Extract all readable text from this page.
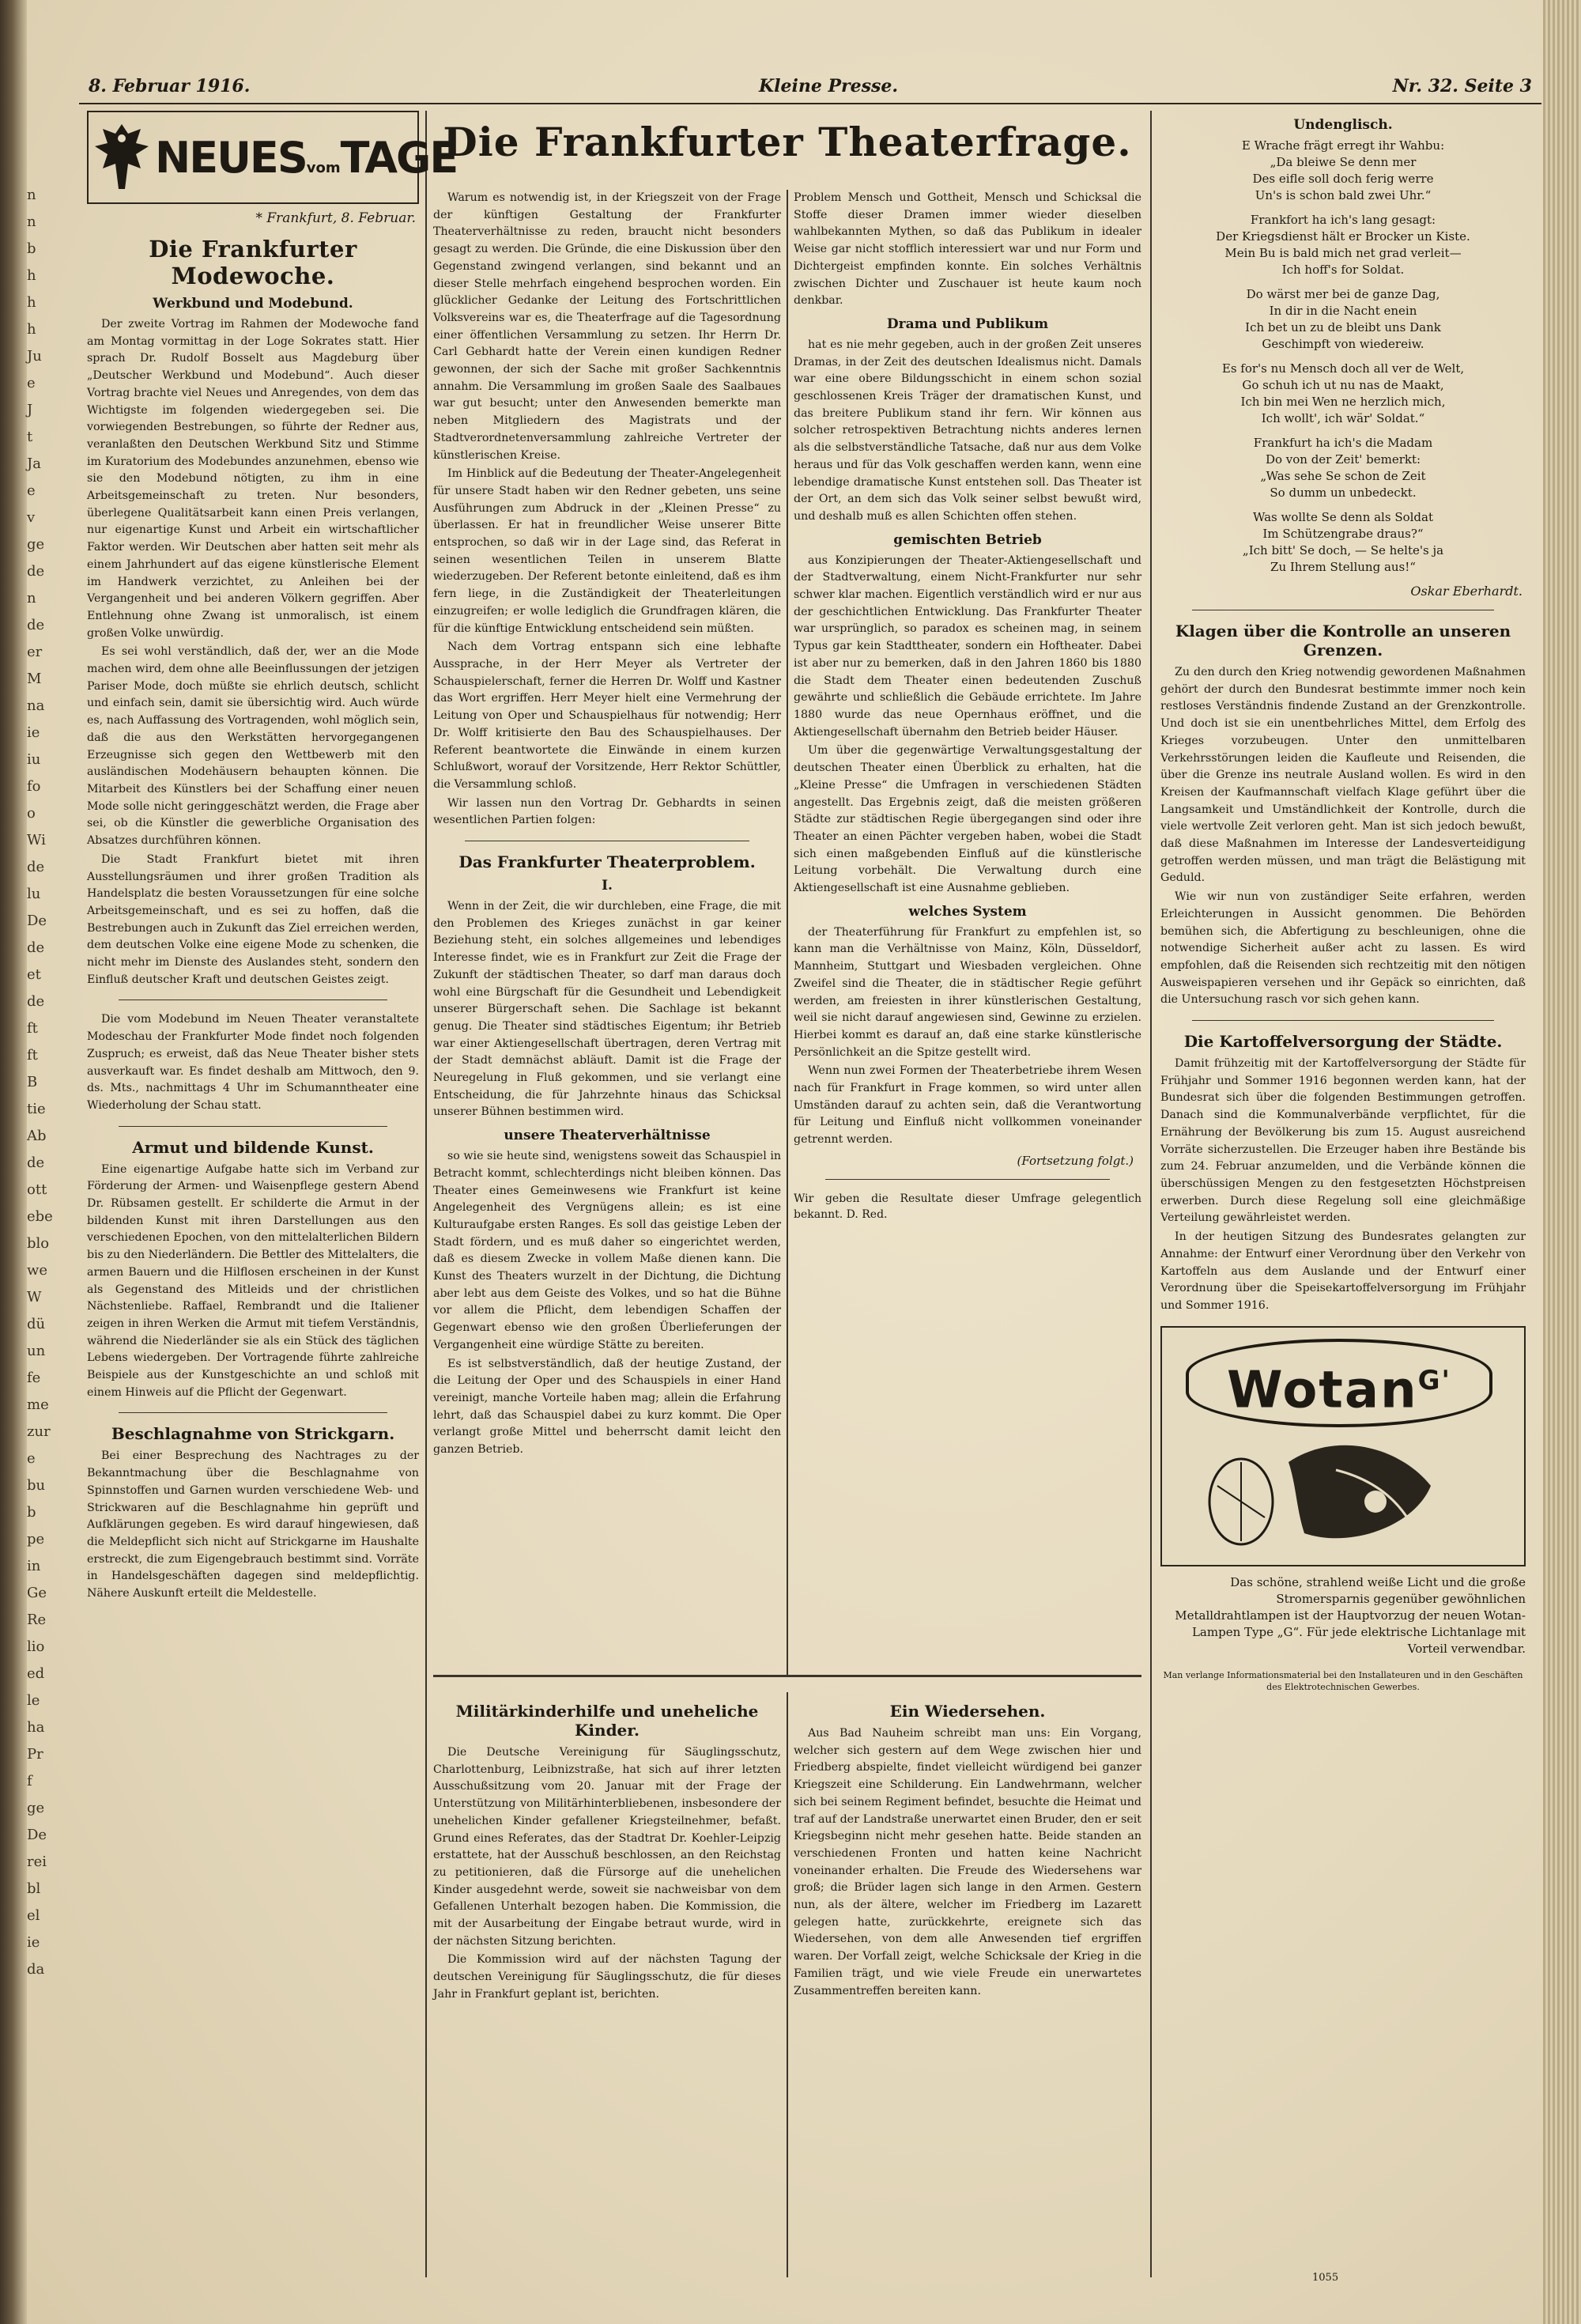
n
n
b
h
h
h
Ju
e
J
t
Ja
e
v
ge
de
n
de
er
M
na
ie
iu
fo
o
Wi
de
lu
De
de
et
de
ft
ft
B
tie
Ab
de
ott
ebe
blo
we
W
dü
un
fe
me
zur
e
bu
b
pe
in
Ge
Re
lio
ed
le
ha
Pr
f
ge
De
rei
bl
el
ie
da
8. Februar 1916.	Kleine Presse.	Nr. 32. Seite 3
NEUESvomTAGE
* Frankfurt, 8. Februar.
Die Frankfurter Modewoche.
Werkbund und Modebund.

Der zweite Vortrag im Rahmen der Modewoche fand am Montag vormittag in der Loge Sokrates statt. Hier sprach Dr. Rudolf Bosselt aus Magdeburg über „Deutscher Werkbund und Modebund“. Auch dieser Vortrag brachte viel Neues und Anregendes, von dem das Wichtigste im folgenden wiedergegeben sei. Die vorwiegenden Bestrebungen, so führte der Redner aus, veranlaßten den Deutschen Werkbund Sitz und Stimme im Kuratorium des Modebundes anzunehmen, ebenso wie sie den Modebund nötigten, zu ihm in eine Arbeitsgemeinschaft zu treten. Nur besonders, überlegene Qualitätsarbeit kann einen Preis verlangen, nur eigenartige Kunst und Arbeit ein wirtschaftlicher Faktor werden. Wir Deutschen aber hatten seit mehr als einem Jahrhundert auf das eigene künstlerische Element im Handwerk verzichtet, zu Anleihen bei der Vergangenheit und bei anderen Völkern gegriffen. Aber Entlehnung ohne Zwang ist unmoralisch, ist einem großen Volke unwürdig.

Es sei wohl verständlich, daß der, wer an die Mode machen wird, dem ohne alle Beeinflussungen der jetzigen Pariser Mode, doch müßte sie ehrlich deutsch, schlicht und einfach sein, damit sie übersichtig wird. Auch würde es, nach Auffassung des Vortragenden, wohl möglich sein, daß die aus den Werkstätten hervorgegangenen Erzeugnisse sich gegen den Wettbewerb mit den ausländischen Modehäusern behaupten können. Die Mitarbeit des Künstlers bei der Schaffung einer neuen Mode solle nicht geringgeschätzt werden, die Frage aber sei, ob die Künstler die gewerbliche Organisation des Absatzes durchführen können.

Die Stadt Frankfurt bietet mit ihren Ausstellungsräumen und ihrer großen Tradition als Handelsplatz die besten Voraussetzungen für eine solche Arbeitsgemeinschaft, und es sei zu hoffen, daß die Bestrebungen auch in Zukunft das Ziel erreichen werden, dem deutschen Volke eine eigene Mode zu schenken, die nicht mehr im Dienste des Auslandes steht, sondern den Einfluß deutscher Kraft und deutschen Geistes zeigt.

Die vom Modebund im Neuen Theater veranstaltete Modeschau der Frankfurter Mode findet noch folgenden Zuspruch; es erweist, daß das Neue Theater bisher stets ausverkauft war. Es findet deshalb am Mittwoch, den 9. ds. Mts., nachmittags 4 Uhr im Schumanntheater eine Wiederholung der Schau statt.

Armut und bildende Kunst.

Eine eigenartige Aufgabe hatte sich im Verband zur Förderung der Armen- und Waisenpflege gestern Abend Dr. Rübsamen gestellt. Er schilderte die Armut in der bildenden Kunst mit ihren Darstellungen aus den verschiedenen Epochen, von den mittelalterlichen Bildern bis zu den Niederländern. Die Bettler des Mittelalters, die armen Bauern und die Hilflosen erscheinen in der Kunst als Gegenstand des Mitleids und der christlichen Nächstenliebe. Raffael, Rembrandt und die Italiener zeigen in ihren Werken die Armut mit tiefem Verständnis, während die Niederländer sie als ein Stück des täglichen Lebens wiedergeben. Der Vortragende führte zahlreiche Beispiele aus der Kunstgeschichte an und schloß mit einem Hinweis auf die Pflicht der Gegenwart.

Beschlagnahme von Strickgarn.

Bei einer Besprechung des Nachtrages zu der Bekanntmachung über die Beschlagnahme von Spinnstoffen und Garnen wurden verschiedene Web- und Strickwaren auf die Beschlagnahme hin geprüft und Aufklärungen gegeben. Es wird darauf hingewiesen, daß die Meldepflicht sich nicht auf Strickgarne im Haushalte erstreckt, die zum Eigengebrauch bestimmt sind. Vorräte in Handelsgeschäften dagegen sind meldepflichtig. Nähere Auskunft erteilt die Meldestelle.

Die Frankfurter Theaterfrage.

Warum es notwendig ist, in der Kriegszeit von der Frage der künftigen Gestaltung der Frankfurter Theaterverhältnisse zu reden, braucht nicht besonders gesagt zu werden. Die Gründe, die eine Diskussion über den Gegenstand zwingend verlangen, sind bekannt und an dieser Stelle mehrfach eingehend besprochen worden. Ein glücklicher Gedanke der Leitung des Fortschrittlichen Volksvereins war es, die Theaterfrage auf die Tagesordnung einer öffentlichen Versammlung zu setzen. Ihr Herrn Dr. Carl Gebhardt hatte der Verein einen kundigen Redner gewonnen, der sich der Sache mit großer Sachkenntnis annahm. Die Versammlung im großen Saale des Saalbaues war gut besucht; unter den Anwesenden bemerkte man neben Mitgliedern des Magistrats und der Stadtverordnetenversammlung zahlreiche Vertreter der künstlerischen Kreise.

Im Hinblick auf die Bedeutung der Theater-Angelegenheit für unsere Stadt haben wir den Redner gebeten, uns seine Ausführungen zum Abdruck in der „Kleinen Presse“ zu überlassen. Er hat in freundlicher Weise unserer Bitte entsprochen, so daß wir in der Lage sind, das Referat in seinen wesentlichen Teilen in unserem Blatte wiederzugeben. Der Referent betonte einleitend, daß es ihm fern liege, in die Zuständigkeit der Theaterleitungen einzugreifen; er wolle lediglich die Grundfragen klären, die für die künftige Entwicklung entscheidend sein müßten.

Nach dem Vortrag entspann sich eine lebhafte Aussprache, in der Herr Meyer als Vertreter der Schauspielerschaft, ferner die Herren Dr. Wolff und Kastner das Wort ergriffen. Herr Meyer hielt eine Vermehrung der Leitung von Oper und Schauspielhaus für notwendig; Herr Dr. Wolff kritisierte den Bau des Schauspielhauses. Der Referent beantwortete die Einwände in einem kurzen Schlußwort, worauf der Vorsitzende, Herr Rektor Schüttler, die Versammlung schloß.

Wir lassen nun den Vortrag Dr. Gebhardts in seinen wesentlichen Partien folgen:

Das Frankfurter Theaterproblem.
I.

Wenn in der Zeit, die wir durchleben, eine Frage, die mit den Problemen des Krieges zunächst in gar keiner Beziehung steht, ein solches allgemeines und lebendiges Interesse findet, wie es in Frankfurt zur Zeit die Frage der Zukunft der städtischen Theater, so darf man daraus doch wohl eine Bürgschaft für die Gesundheit und Lebendigkeit unserer Bürgerschaft sehen. Die Sachlage ist bekannt genug. Die Theater sind städtisches Eigentum; ihr Betrieb war einer Aktiengesellschaft übertragen, deren Vertrag mit der Stadt demnächst abläuft. Damit ist die Frage der Neuregelung in Fluß gekommen, und sie verlangt eine Entscheidung, die für Jahrzehnte hinaus das Schicksal unserer Bühnen bestimmen wird.

unsere Theaterverhältnisse

so wie sie heute sind, wenigstens soweit das Schauspiel in Betracht kommt, schlechterdings nicht bleiben können. Das Theater eines Gemeinwesens wie Frankfurt ist keine Angelegenheit des Vergnügens allein; es ist eine Kulturaufgabe ersten Ranges. Es soll das geistige Leben der Stadt fördern, und es muß daher so eingerichtet werden, daß es diesem Zwecke in vollem Maße dienen kann. Die Kunst des Theaters wurzelt in der Dichtung, die Dichtung aber lebt aus dem Geiste des Volkes, und so hat die Bühne vor allem die Pflicht, dem lebendigen Schaffen der Gegenwart ebenso wie den großen Überlieferungen der Vergangenheit eine würdige Stätte zu bereiten.

Es ist selbstverständlich, daß der heutige Zustand, der die Leitung der Oper und des Schauspiels in einer Hand vereinigt, manche Vorteile haben mag; allein die Erfahrung lehrt, daß das Schauspiel dabei zu kurz kommt. Die Oper verlangt große Mittel und beherrscht damit leicht den ganzen Betrieb.

Problem Mensch und Gottheit, Mensch und Schicksal die Stoffe dieser Dramen immer wieder dieselben wahlbekannten Mythen, so daß das Publikum in idealer Weise gar nicht stofflich interessiert war und nur Form und Dichtergeist empfinden konnte. Ein solches Verhältnis zwischen Dichter und Zuschauer ist heute kaum noch denkbar.

Drama und Publikum

hat es nie mehr gegeben, auch in der großen Zeit unseres Dramas, in der Zeit des deutschen Idealismus nicht. Damals war eine obere Bildungsschicht in einem schon sozial geschlossenen Kreis Träger der dramatischen Kunst, und das breitere Publikum stand ihr fern. Wir können aus solcher retrospektiven Betrachtung nichts anderes lernen als die selbstverständliche Tatsache, daß nur aus dem Volke heraus und für das Volk geschaffen werden kann, wenn eine lebendige dramatische Kunst entstehen soll. Das Theater ist der Ort, an dem sich das Volk seiner selbst bewußt wird, und deshalb muß es allen Schichten offen stehen.

gemischten Betrieb

aus Konzipierungen der Theater-Aktiengesellschaft und der Stadtverwaltung, einem Nicht-Frankfurter nur sehr schwer klar machen. Eigentlich verständlich wird er nur aus der geschichtlichen Entwicklung. Das Frankfurter Theater war ursprünglich, so paradox es scheinen mag, in seinem Typus gar kein Stadttheater, sondern ein Hoftheater. Dabei ist aber nur zu bemerken, daß in den Jahren 1860 bis 1880 die Stadt dem Theater einen bedeutenden Zuschuß gewährte und schließlich die Gebäude errichtete. Im Jahre 1880 wurde das neue Opernhaus eröffnet, und die Aktiengesellschaft übernahm den Betrieb beider Häuser.

Um über die gegenwärtige Verwaltungsgestaltung der deutschen Theater einen Überblick zu erhalten, hat die „Kleine Presse“ die Umfragen in verschiedenen Städten angestellt. Das Ergebnis zeigt, daß die meisten größeren Städte zur städtischen Regie übergegangen sind oder ihre Theater an einen Pächter vergeben haben, wobei die Stadt sich einen maßgebenden Einfluß auf die künstlerische Leitung vorbehält. Die Verwaltung durch eine Aktiengesellschaft ist eine Ausnahme geblieben.

welches System

der Theaterführung für Frankfurt zu empfehlen ist, so kann man die Verhältnisse von Mainz, Köln, Düsseldorf, Mannheim, Stuttgart und Wiesbaden vergleichen. Ohne Zweifel sind die Theater, die in städtischer Regie geführt werden, am freiesten in ihrer künstlerischen Gestaltung, weil sie nicht darauf angewiesen sind, Gewinne zu erzielen. Hierbei kommt es darauf an, daß eine starke künstlerische Persönlichkeit an die Spitze gestellt wird.

Wenn nun zwei Formen der Theaterbetriebe ihrem Wesen nach für Frankfurt in Frage kommen, so wird unter allen Umständen darauf zu achten sein, daß die Verantwortung für Leitung und Einfluß nicht vollkommen voneinander getrennt werden.

(Fortsetzung folgt.)

Wir geben die Resultate dieser Umfrage gelegentlich bekannt. D. Red.

Militärkinderhilfe und uneheliche Kinder.

Die Deutsche Vereinigung für Säuglingsschutz, Charlottenburg, Leibnizstraße, hat sich auf ihrer letzten Ausschußsitzung vom 20. Januar mit der Frage der Unterstützung von Militärhinterbliebenen, insbesondere der unehelichen Kinder gefallener Kriegsteilnehmer, befaßt. Grund eines Referates, das der Stadtrat Dr. Koehler-Leipzig erstattete, hat der Ausschuß beschlossen, an den Reichstag zu petitionieren, daß die Fürsorge auf die unehelichen Kinder ausgedehnt werde, soweit sie nachweisbar von dem Gefallenen Unterhalt bezogen haben. Die Kommission, die mit der Ausarbeitung der Eingabe betraut wurde, wird in der nächsten Sitzung berichten.

Die Kommission wird auf der nächsten Tagung der deutschen Vereinigung für Säuglingsschutz, die für dieses Jahr in Frankfurt geplant ist, berichten.

Ein Wiedersehen.

Aus Bad Nauheim schreibt man uns: Ein Vorgang, welcher sich gestern auf dem Wege zwischen hier und Friedberg abspielte, findet vielleicht würdigend bei ganzer Kriegszeit eine Schilderung. Ein Landwehrmann, welcher sich bei seinem Regiment befindet, besuchte die Heimat und traf auf der Landstraße unerwartet einen Bruder, den er seit Kriegsbeginn nicht mehr gesehen hatte. Beide standen an verschiedenen Fronten und hatten keine Nachricht voneinander erhalten. Die Freude des Wiedersehens war groß; die Brüder lagen sich lange in den Armen. Gestern nun, als der ältere, welcher im Friedberg im Lazarett gelegen hatte, zurückkehrte, ereignete sich das Wiedersehen, von dem alle Anwesenden tief ergriffen waren. Der Vorfall zeigt, welche Schicksale der Krieg in die Familien trägt, und wie viele Freude ein unerwartetes Zusammentreffen bereiten kann.

Undenglisch.
E Wrache frägt erregt ihr Wahbu:
„Da bleiwe Se denn mer
Des eifle soll doch ferig werre
Un's is schon bald zwei Uhr.“
Frankfort ha ich's lang gesagt:
Der Kriegsdienst hält er Brocker un Kiste.
Mein Bu is bald mich net grad verleit—
Ich hoff's for Soldat.
Do wärst mer bei de ganze Dag,
In dir in die Nacht enein
Ich bet un zu de bleibt uns Dank
Geschimpft von wiedereiw.
Es for's nu Mensch doch all ver de Welt,
Go schuh ich ut nu nas de Maakt,
Ich bin mei Wen ne herzlich mich,
Ich wollt', ich wär' Soldat.“
Frankfurt ha ich's die Madam
Do von der Zeit' bemerkt:
„Was sehe Se schon de Zeit
So dumm un unbedeckt.
Was wollte Se denn als Soldat
Im Schützengrabe draus?“
„Ich bitt' Se doch, — Se helte's ja
Zu Ihrem Stellung aus!“
Oskar Eberhardt.
Klagen über die Kontrolle an unseren Grenzen.

Zu den durch den Krieg notwendig gewordenen Maßnahmen gehört der durch den Bundesrat bestimmte immer noch kein restloses Verständnis findende Zustand an der Grenzkontrolle. Und doch ist sie ein unentbehrliches Mittel, dem Erfolg des Krieges vorzubeugen. Unter den unmittelbaren Verkehrsstörungen leiden die Kaufleute und Reisenden, die über die Grenze ins neutrale Ausland wollen. Es wird in den Kreisen der Kaufmannschaft vielfach Klage geführt über die Langsamkeit und Umständlichkeit der Kontrolle, durch die viele wertvolle Zeit verloren geht. Man ist sich jedoch bewußt, daß diese Maßnahmen im Interesse der Landesverteidigung getroffen werden müssen, und man trägt die Belästigung mit Geduld.

Wie wir nun von zuständiger Seite erfahren, werden Erleichterungen in Aussicht genommen. Die Behörden bemühen sich, die Abfertigung zu beschleunigen, ohne die notwendige Sicherheit außer acht zu lassen. Es wird empfohlen, daß die Reisenden sich rechtzeitig mit den nötigen Ausweispapieren versehen und ihr Gepäck so einrichten, daß die Untersuchung rasch vor sich gehen kann.

Die Kartoffelversorgung der Städte.

Damit frühzeitig mit der Kartoffelversorgung der Städte für Frühjahr und Sommer 1916 begonnen werden kann, hat der Bundesrat sich über die folgenden Bestimmungen getroffen. Danach sind die Kommunalverbände verpflichtet, für die Ernährung der Bevölkerung bis zum 15. August ausreichend Vorräte sicherzustellen. Die Erzeuger haben ihre Bestände bis zum 24. Februar anzumelden, und die Verbände können die überschüssigen Mengen zu den festgesetzten Höchstpreisen erwerben. Durch diese Regelung soll eine gleichmäßige Verteilung gewährleistet werden.

In der heutigen Sitzung des Bundesrates gelangten zur Annahme: der Entwurf einer Verordnung über den Verkehr von Kartoffeln aus dem Auslande und der Entwurf einer Verordnung über die Speisekartoffelversorgung im Frühjahr und Sommer 1916.

Wotan$^{G'}$

Das schöne, strahlend weiße Licht und die große Stromersparnis gegenüber gewöhnlichen Metalldrahtlampen ist der Hauptvorzug der neuen Wotan-Lampen Type „G“. Für jede elektrische Lichtanlage mit Vorteil verwendbar.

Man verlange Informationsmaterial bei den Installateuren und in den Geschäften des Elektrotechnischen Gewerbes.

1055
